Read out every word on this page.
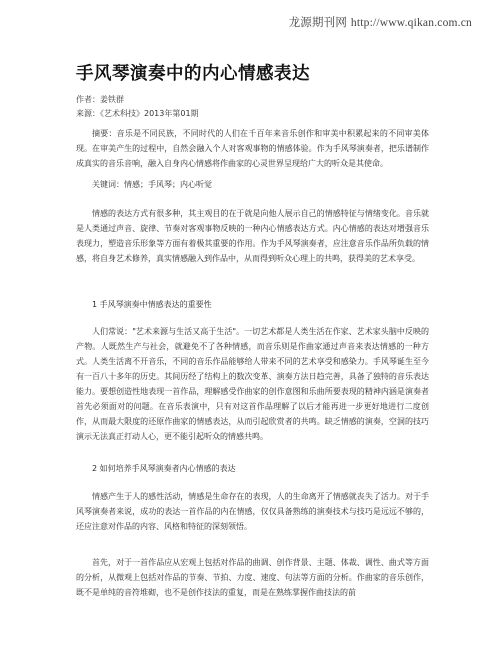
龙源期刊网 http://www.qikan.com.cn
手风琴演奏中的内心情感表达
作者：姜铁群
来源：《艺术科技》2013年第01期

摘要：音乐是不同民族，不同时代的人们在千百年来音乐创作和审美中积累起来的不同审美体现。在审美产生的过程中，自然会融入个人对客观事物的情感体验。作为手风琴演奏者，把乐谱制作成真实的音乐音响，融入自身内心情感将作曲家的心灵世界呈现给广大的听众是其使命。

关键词：情感；手风琴；内心听觉

情感的表达方式有很多种，其主观目的在于就是向他人展示自己的情感特征与情绪变化。音乐就是人类通过声音、旋律、节奏对客观事物反映的一种内心情感表达方式。内心情感的表达对增强音乐表现力，塑造音乐形象等方面有着极其重要的作用。作为手风琴演奏者，应注意音乐作品所负载的情感，将自身艺术修养，真实情感融入到作品中，从而得到听众心理上的共鸣，获得美的艺术享受。

1 手风琴演奏中情感表达的重要性

人们常说："艺术来源与生活又高于生活"。一切艺术都是人类生活在作家、艺术家头脑中反映的产物。人既然生产与社会，就避免不了各种情感，而音乐则是作曲家通过声音来表达情感的一种方式。人类生活离不开音乐，不同的音乐作品能够给人带来不同的艺术享受和感染力。手风琴诞生至今有一百八十多年的历史。其间历经了结构上的数次变革、演奏方法日趋完善，具备了独特的音乐表达能力。要想创造性地表现一首作品，理解感受作曲家的创作意图和乐曲所要表现的精神内涵是演奏者首先必须面对的问题。在音乐表演中，只有对这首作品理解了以后才能再进一步更好地进行二度创作，从而最大限度的还原作曲家的情感表达，从而引起欣赏者的共鸣。缺乏情感的演奏，空洞的技巧演示无法真正打动人心，更不能引起听众的情感共鸣。

2 如何培养手风琴演奏者内心情感的表达

情感产生于人的感性活动，情感是生命存在的表现，人的生命离开了情感就丧失了活力。对于手风琴演奏者来说，成功的表达一首作品的内在情感，仅仅具备熟练的演奏技术与技巧是远远不够的，还应注意对作品的内容、风格和特征的深刻领悟。

首先，对于一首作品应从宏观上包括对作品的曲调、创作背景、主题、体裁、调性、曲式等方面的分析，从微观上包括对作品的节奏、节拍、力度、速度、句法等方面的分析。作曲家的音乐创作，既不是单纯的音符堆砌，也不是创作技法的重复，而是在熟练掌握作曲技法的前
